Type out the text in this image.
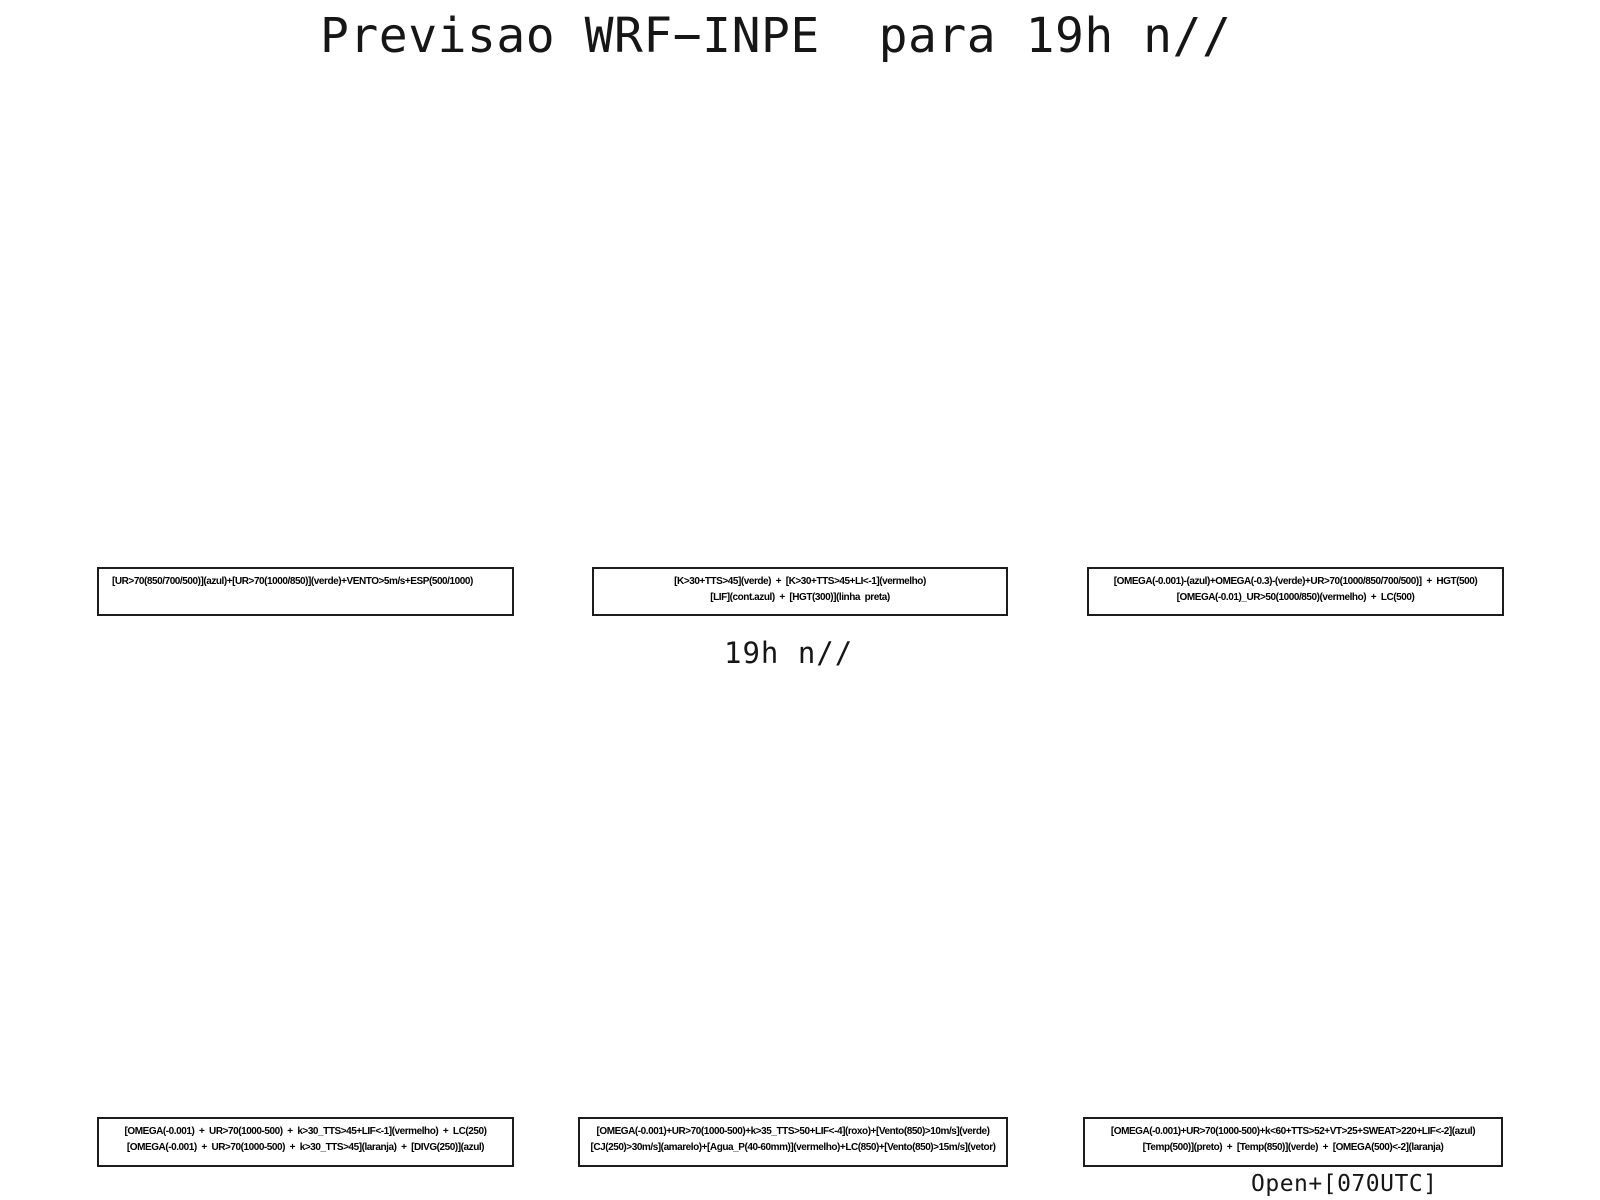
Previsao WRF−INPE  para 19h n//
[UR>70(850/700/500)](azul)+[UR>70(1000/850)](verde)+VENTO>5m/s+ESP(500/1000)	[K>30+TTS>45](verde)  +  [K>30+TTS>45+LI<-1](vermelho)
[LIF](cont.azul)  +  [HGT(300)](linha  preta)
[OMEGA(-0.001)-(azul)+OMEGA(-0.3)-(verde)+UR>70(1000/850/700/500)]  +  HGT(500)
[OMEGA(-0.01)_UR>50(1000/850)(vermelho)  +  LC(500)
19h n//
[OMEGA(-0.001)  +  UR>70(1000-500)  +  k>30_TTS>45+LIF<-1](vermelho)  +  LC(250)
[OMEGA(-0.001)  +  UR>70(1000-500)  +  k>30_TTS>45](laranja)  +  [DIVG(250)](azul)
[OMEGA(-0.001)+UR>70(1000-500)+k>35_TTS>50+LIF<-4](roxo)+[Vento(850)>10m/s](verde)
[CJ(250)>30m/s](amarelo)+[Agua_P(40-60mm)](vermelho)+LC(850)+[Vento(850)>15m/s](vetor)
[OMEGA(-0.001)+UR>70(1000-500)+k<60+TTS>52+VT>25+SWEAT>220+LIF<-2](azul)
[Temp(500)](preto)  +  [Temp(850)](verde)  +  [OMEGA(500)<-2](laranja)
Open+[070UTC]
